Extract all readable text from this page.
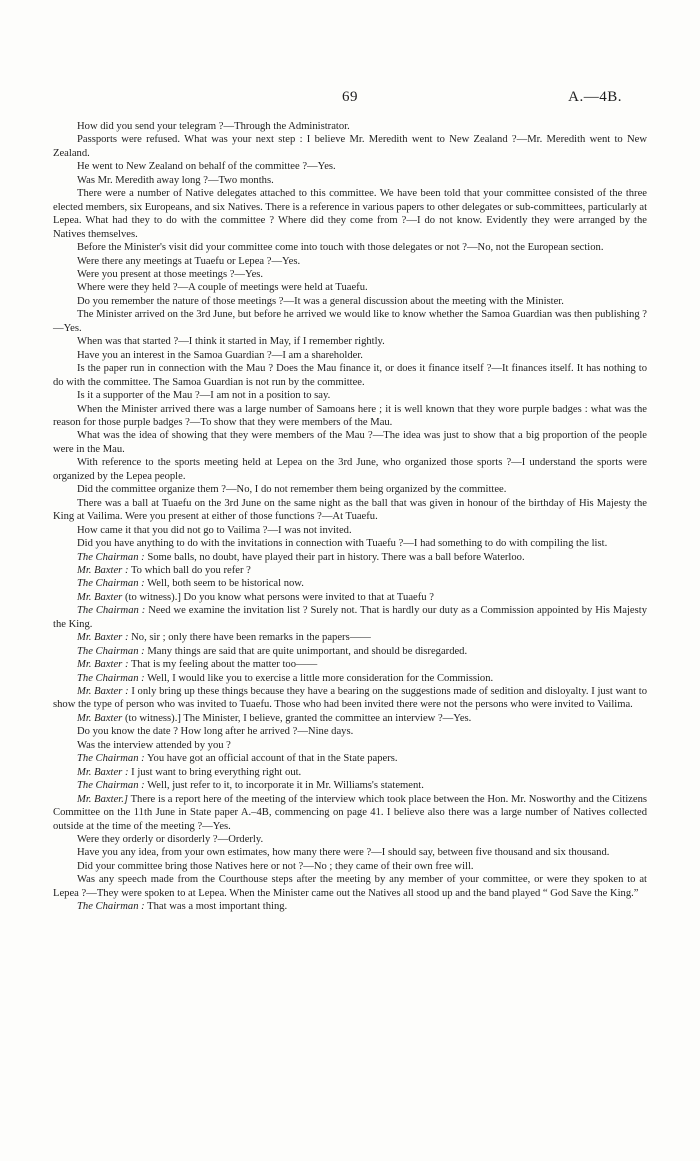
69	A.—4B.

How did you send your telegram ?—Through the Administrator.

Passports were refused. What was your next step : I believe Mr. Meredith went to New Zealand ?—Mr. Meredith went to New Zealand.

He went to New Zealand on behalf of the committee ?—Yes.

Was Mr. Meredith away long ?—Two months.

There were a number of Native delegates attached to this committee. We have been told that your committee consisted of the three elected members, six Europeans, and six Natives. There is a reference in various papers to other delegates or sub-committees, particularly at Lepea. What had they to do with the committee ? Where did they come from ?—I do not know. Evidently they were arranged by the Natives themselves.

Before the Minister's visit did your committee come into touch with those delegates or not ?—No, not the European section.

Were there any meetings at Tuaefu or Lepea ?—Yes.

Were you present at those meetings ?—Yes.

Where were they held ?—A couple of meetings were held at Tuaefu.

Do you remember the nature of those meetings ?—It was a general discussion about the meeting with the Minister.

The Minister arrived on the 3rd June, but before he arrived we would like to know whether the Samoa Guardian was then publishing ?—Yes.

When was that started ?—I think it started in May, if I remember rightly.

Have you an interest in the Samoa Guardian ?—I am a shareholder.

Is the paper run in connection with the Mau ? Does the Mau finance it, or does it finance itself ?—It finances itself. It has nothing to do with the committee. The Samoa Guardian is not run by the committee.

Is it a supporter of the Mau ?—I am not in a position to say.

When the Minister arrived there was a large number of Samoans here ; it is well known that they wore purple badges : what was the reason for those purple badges ?—To show that they were members of the Mau.

What was the idea of showing that they were members of the Mau ?—The idea was just to show that a big proportion of the people were in the Mau.

With reference to the sports meeting held at Lepea on the 3rd June, who organized those sports ?—I understand the sports were organized by the Lepea people.

Did the committee organize them ?—No, I do not remember them being organized by the committee.

There was a ball at Tuaefu on the 3rd June on the same night as the ball that was given in honour of the birthday of His Majesty the King at Vailima. Were you present at either of those functions ?—At Tuaefu.

How came it that you did not go to Vailima ?—I was not invited.

Did you have anything to do with the invitations in connection with Tuaefu ?—I had something to do with compiling the list.

The Chairman : Some balls, no doubt, have played their part in history. There was a ball before Waterloo.

Mr. Baxter : To which ball do you refer ?

The Chairman : Well, both seem to be historical now.

Mr. Baxter (to witness).] Do you know what persons were invited to that at Tuaefu ?

The Chairman : Need we examine the invitation list ? Surely not. That is hardly our duty as a Commission appointed by His Majesty the King.

Mr. Baxter : No, sir ; only there have been remarks in the papers——

The Chairman : Many things are said that are quite unimportant, and should be disregarded.

Mr. Baxter : That is my feeling about the matter too——

The Chairman : Well, I would like you to exercise a little more consideration for the Commission.

Mr. Baxter : I only bring up these things because they have a bearing on the suggestions made of sedition and disloyalty. I just want to show the type of person who was invited to Tuaefu. Those who had been invited there were not the persons who were invited to Vailima.

Mr. Baxter (to witness).] The Minister, I believe, granted the committee an interview ?—Yes.

Do you know the date ? How long after he arrived ?—Nine days.

Was the interview attended by you ?

The Chairman : You have got an official account of that in the State papers.

Mr. Baxter : I just want to bring everything right out.

The Chairman : Well, just refer to it, to incorporate it in Mr. Williams's statement.

Mr. Baxter.] There is a report here of the meeting of the interview which took place between the Hon. Mr. Nosworthy and the Citizens Committee on the 11th June in State paper A.–4B, commencing on page 41. I believe also there was a large number of Natives collected outside at the time of the meeting ?—Yes.

Were they orderly or disorderly ?—Orderly.

Have you any idea, from your own estimates, how many there were ?—I should say, between five thousand and six thousand.

Did your committee bring those Natives here or not ?—No ; they came of their own free will.

Was any speech made from the Courthouse steps after the meeting by any member of your committee, or were they spoken to at Lepea ?—They were spoken to at Lepea. When the Minister came out the Natives all stood up and the band played “ God Save the King.”

The Chairman : That was a most important thing.
